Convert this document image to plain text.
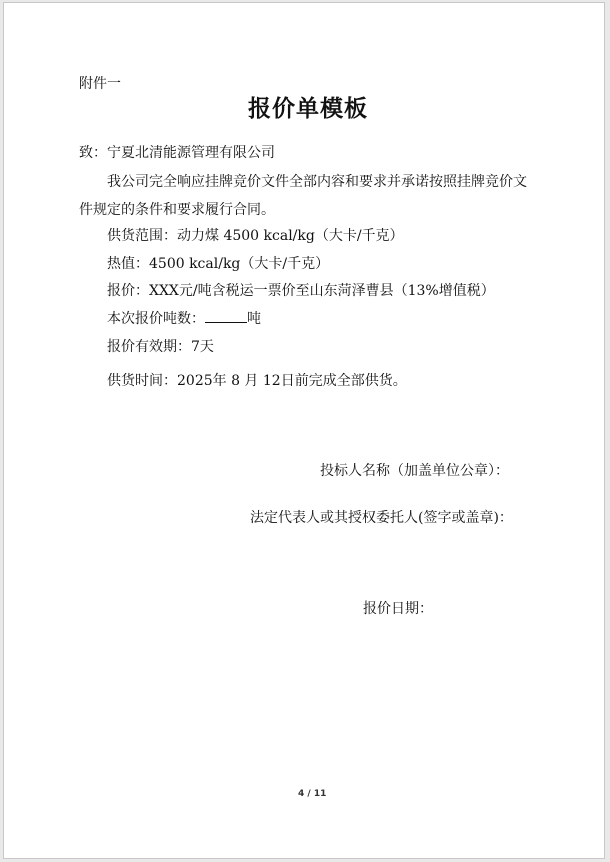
附件一
报价单模板
致：宁夏北清能源管理有限公司
我公司完全响应挂牌竞价文件全部内容和要求并承诺按照挂牌竞价文
件规定的条件和要求履行合同。
供货范围：动力煤 4500 kcal/kg（大卡/千克）
热值：4500 kcal/kg（大卡/千克）
报价：XXX元/吨含税运一票价至山东菏泽曹县（13%增值税）
本次报价吨数：	吨
报价有效期：7天
供货时间：2025年 8 月 12日前完成全部供货。
投标人名称（加盖单位公章）：
法定代表人或其授权委托人(签字或盖章)：
报价日期：
4 / 11
